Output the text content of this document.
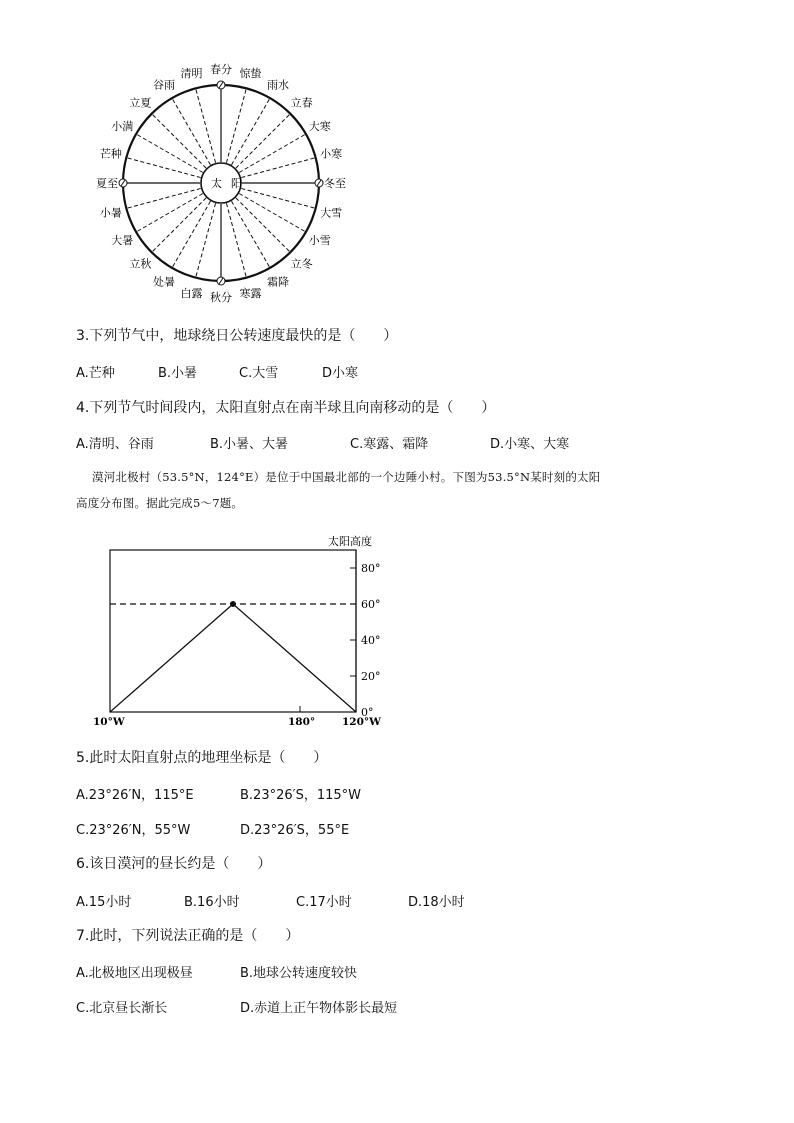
春分 惊蛰
雨水
立春
大寒
小寒
冬至
大雪
小雪
立冬
霜降
寒露
秋分
白露
处暑
立秋
大暑
小暑
夏至
芒种
小满
立夏
谷雨
清明
太 阳
3.下列节气中，地球绕日公转速度最快的是（　　）
A.芒种	B.小暑	C.大雪	D小寒
4.下列节气时间段内，太阳直射点在南半球且向南移动的是（　　）
A.清明、谷雨	B.小暑、大暑	C.寒露、霜降	D.小寒、大寒
漠河北极村（53.5°N，124°E）是位于中国最北部的一个边陲小村。下图为53.5°N某时刻的太阳
高度分布图。据此完成5～7题。
80°
60°
40°
20°
0°
太阳高度
10°W	180°	120°W
5.此时太阳直射点的地理坐标是（　　）
A.23°26′N，115°E	B.23°26′S，115°W
C.23°26′N，55°W	D.23°26′S，55°E
6.该日漠河的昼长约是（　　）
A.15小时	B.16小时	C.17小时	D.18小时
7.此时，下列说法正确的是（　　）
A.北极地区出现极昼	B.地球公转速度较快
C.北京昼长渐长	D.赤道上正午物体影长最短
